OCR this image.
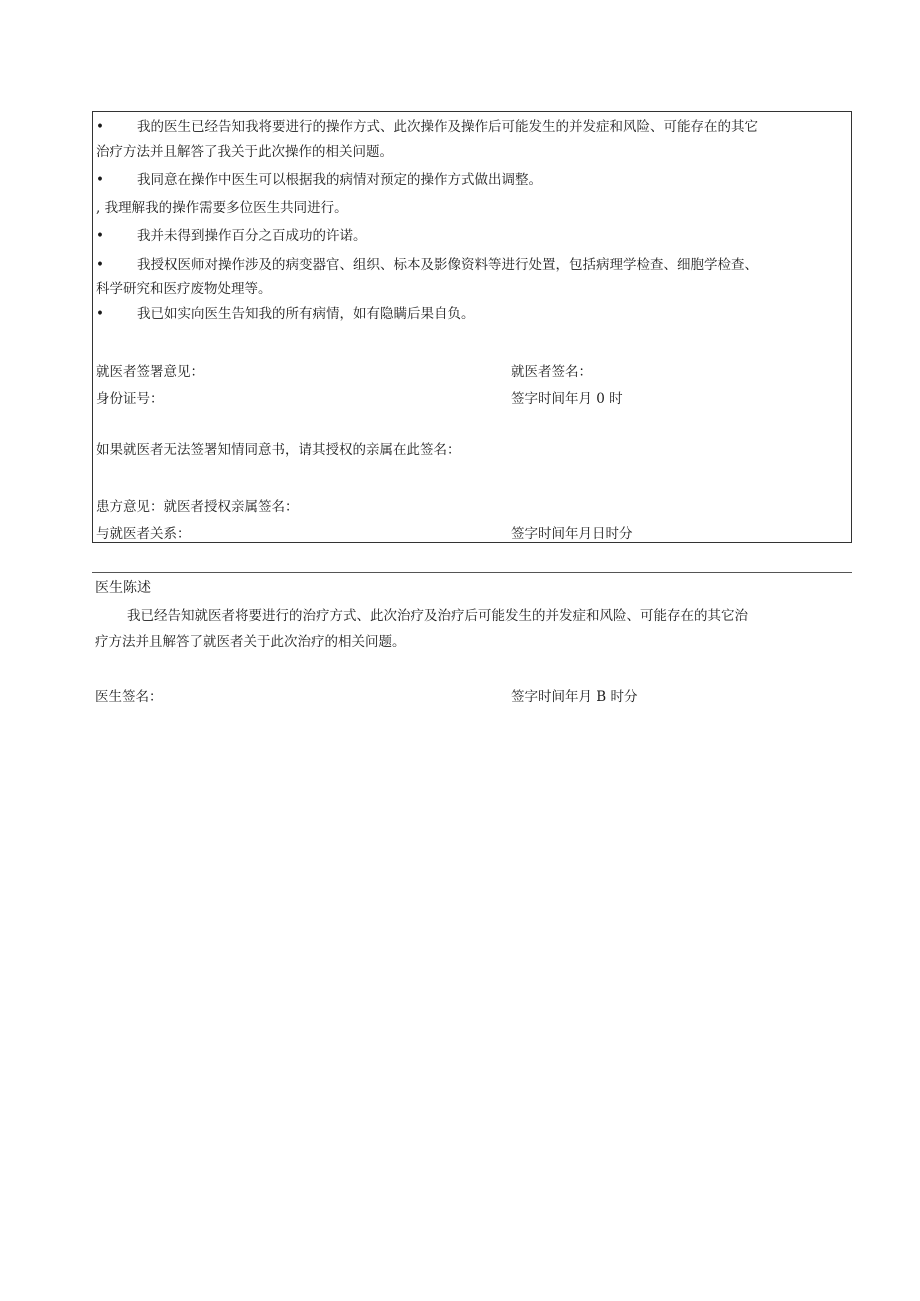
• 我的医生已经告知我将要进行的操作方式、此次操作及操作后可能发生的并发症和风险、可能存在的其它
治疗方法并且解答了我关于此次操作的相关问题。
• 我同意在操作中医生可以根据我的病情对预定的操作方式做出调整。
, 我理解我的操作需要多位医生共同进行。
• 我并未得到操作百分之百成功的许诺。
• 我授权医师对操作涉及的病变器官、组织、标本及影像资料等进行处置，包括病理学检查、细胞学检查、
科学研究和医疗废物处理等。
• 我已如实向医生告知我的所有病情，如有隐瞒后果自负。
就医者签署意见：	就医者签名：
身份证号：	签字时间年月 0 时
如果就医者无法签署知情同意书，请其授权的亲属在此签名：
患方意见：就医者授权亲属签名：
与就医者关系：	签字时间年月日时分
医生陈述
我已经告知就医者将要进行的治疗方式、此次治疗及治疗后可能发生的并发症和风险、可能存在的其它治
疗方法并且解答了就医者关于此次治疗的相关问题。
医生签名：	签字时间年月 B 时分
